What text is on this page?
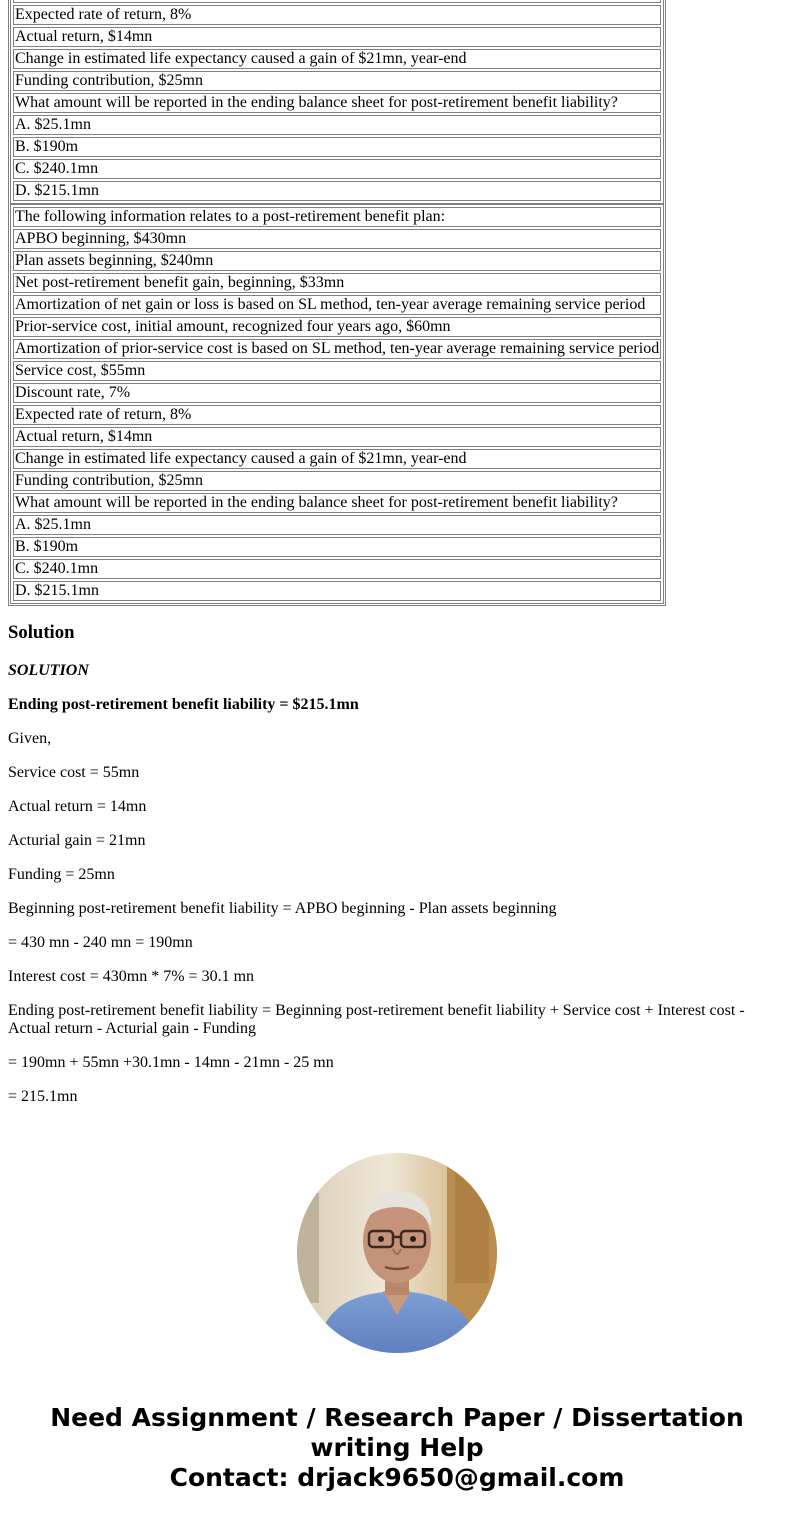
Expected rate of return, 8%
Actual return, $14mn
Change in estimated life expectancy caused a gain of $21mn, year-end
Funding contribution, $25mn
What amount will be reported in the ending balance sheet for post-retirement benefit liability?
A. $25.1mn
B. $190m
C. $240.1mn
D. $215.1mn
The following information relates to a post-retirement benefit plan:
APBO beginning, $430mn
Plan assets beginning, $240mn
Net post-retirement benefit gain, beginning, $33mn
Amortization of net gain or loss is based on SL method, ten-year average remaining service period
Prior-service cost, initial amount, recognized four years ago, $60mn
Amortization of prior-service cost is based on SL method, ten-year average remaining service period
Service cost, $55mn
Discount rate, 7%
Expected rate of return, 8%
Actual return, $14mn
Change in estimated life expectancy caused a gain of $21mn, year-end
Funding contribution, $25mn
What amount will be reported in the ending balance sheet for post-retirement benefit liability?
A. $25.1mn
B. $190m
C. $240.1mn
D. $215.1mn
Solution

SOLUTION

Ending post-retirement benefit liability = $215.1mn

Given,

Service cost = 55mn

Actual return = 14mn

Acturial gain = 21mn

Funding = 25mn

Beginning post-retirement benefit liability = APBO beginning - Plan assets beginning

= 430 mn - 240 mn = 190mn

Interest cost = 430mn * 7% = 30.1 mn

Ending post-retirement benefit liability = Beginning post-retirement benefit liability + Service cost + Interest cost - Actual return - Acturial gain - Funding

= 190mn + 55mn +30.1mn - 14mn - 21mn - 25 mn

= 215.1mn

Need Assignment / Research Paper / Dissertation writing Help
Contact: drjack9650@gmail.com
